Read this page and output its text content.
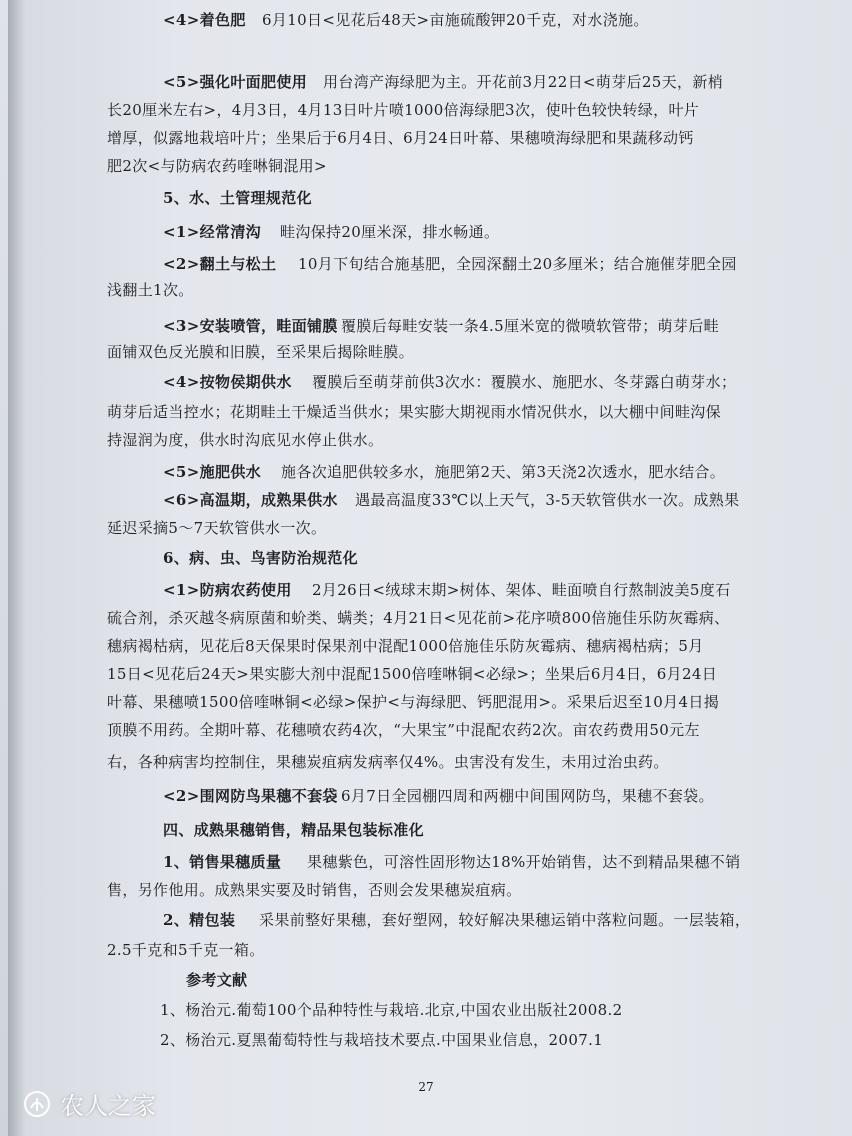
<4>着色肥	6月10日<见花后48天>亩施硫酸钾20千克，对水浇施。
<5>强化叶面肥使用	用台湾产海绿肥为主。开花前3月22日<萌芽后25天，新梢
长20厘米左右>，4月3日，4月13日叶片喷1000倍海绿肥3次，使叶色较快转绿，叶片
增厚，似露地栽培叶片；坐果后于6月4日、6月24日叶幕、果穗喷海绿肥和果蔬移动钙
肥2次<与防病农药喹啉铜混用>
5、水、土管理规范化
<1>经常清沟	畦沟保持20厘米深，排水畅通。
<2>翻土与松土	10月下旬结合施基肥，全园深翻土20多厘米；结合施催芽肥全园
浅翻土1次。
<3>安装喷管，畦面铺膜 覆膜后每畦安装一条4.5厘米宽的微喷软管带；萌芽后畦
面铺双色反光膜和旧膜，至采果后揭除畦膜。
<4>按物侯期供水	覆膜后至萌芽前供3次水：覆膜水、施肥水、冬芽露白萌芽水；
萌芽后适当控水；花期畦土干燥适当供水；果实膨大期视雨水情况供水，以大棚中间畦沟保
持湿润为度，供水时沟底见水停止供水。
<5>施肥供水	施各次追肥供较多水，施肥第2天、第3天浇2次透水，肥水结合。
<6>高温期，成熟果供水	遇最高温度33℃以上天气，3-5天软管供水一次。成熟果
延迟采摘5～7天软管供水一次。
6、病、虫、鸟害防治规范化
<1>防病农药使用	2月26日<绒球末期>树体、架体、畦面喷自行熬制波美5度石
硫合剂，杀灭越冬病原菌和蚧类、螨类；4月21日<见花前>花序喷800倍施佳乐防灰霉病、
穗病褐枯病，见花后8天保果时保果剂中混配1000倍施佳乐防灰霉病、穗病褐枯病；5月
15日<见花后24天>果实膨大剂中混配1500倍喹啉铜<必绿>；坐果后6月4日，6月24日
叶幕、果穗喷1500倍喹啉铜<必绿>保护<与海绿肥、钙肥混用>。采果后迟至10月4日揭
顶膜不用药。全期叶幕、花穗喷农药4次，“大果宝”中混配农药2次。亩农药费用50元左
右，各种病害均控制住，果穗炭疽病发病率仅4%。虫害没有发生，未用过治虫药。
<2>围网防鸟果穗不套袋 6月7日全园棚四周和两棚中间围网防鸟，果穗不套袋。
四、成熟果穗销售，精品果包装标准化
1、销售果穗质量	果穗紫色，可溶性固形物达18%开始销售，达不到精品果穗不销
售，另作他用。成熟果实要及时销售，否则会发果穗炭疽病。
2、精包装	采果前整好果穗，套好塑网，较好解决果穗运销中落粒问题。一层装箱，
2.5千克和5千克一箱。
参考文献
1、杨治元.葡萄100个品种特性与栽培.北京,中国农业出版社2008.2
2、杨治元.夏黑葡萄特性与栽培技术要点.中国果业信息，2007.1
27
农人之家
